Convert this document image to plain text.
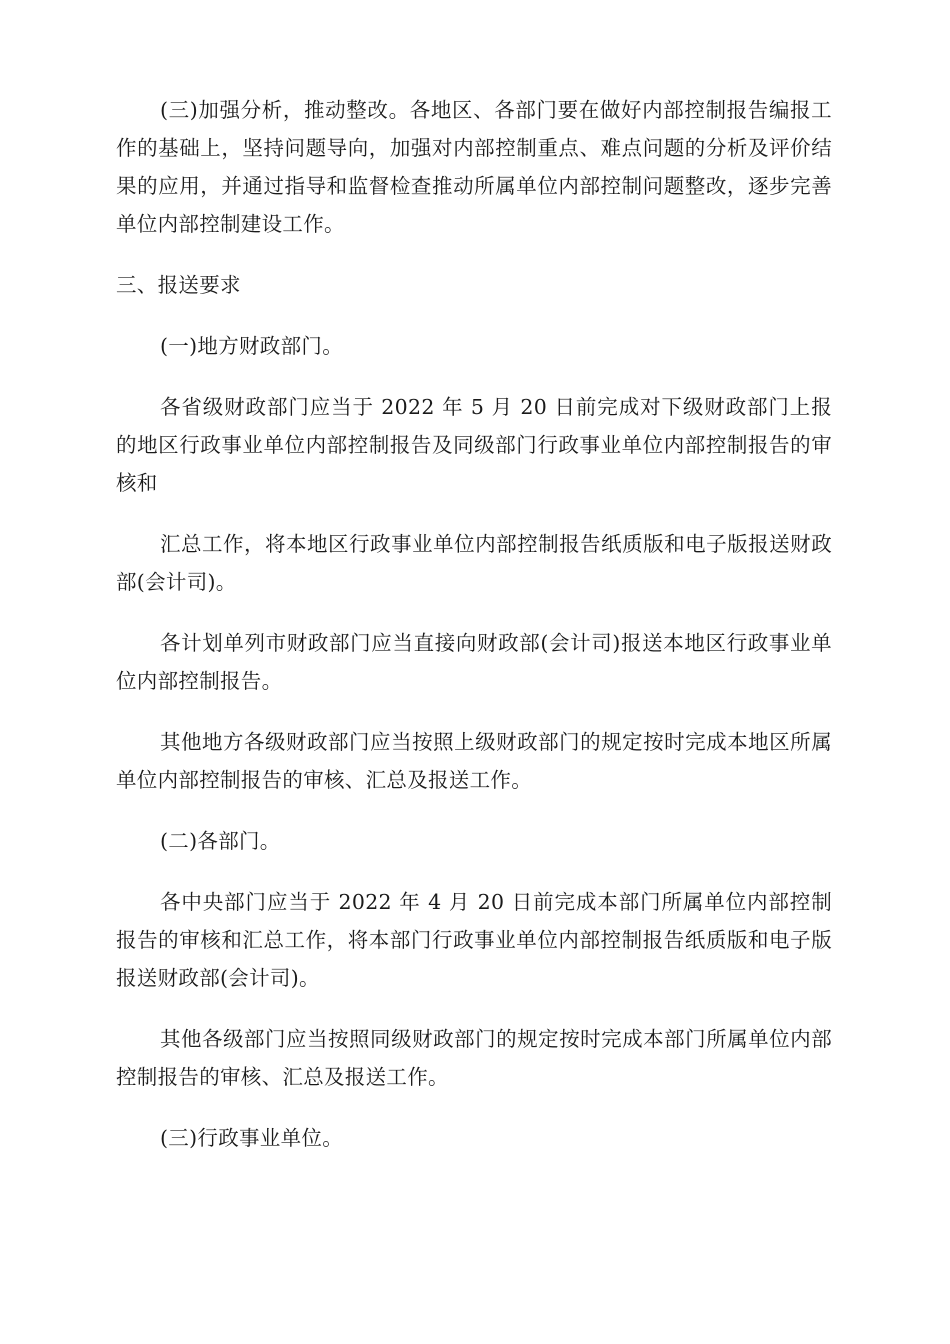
(三)加强分析，推动整改。各地区、各部门要在做好内部控制报告编报工作的基础上，坚持问题导向，加强对内部控制重点、难点问题的分析及评价结果的应用，并通过指导和监督检查推动所属单位内部控制问题整改，逐步完善单位内部控制建设工作。

三、报送要求

(一)地方财政部门。

各省级财政部门应当于 2022 年 5 月 20 日前完成对下级财政部门上报的地区行政事业单位内部控制报告及同级部门行政事业单位内部控制报告的审核和

汇总工作，将本地区行政事业单位内部控制报告纸质版和电子版报送财政部(会计司)。

各计划单列市财政部门应当直接向财政部(会计司)报送本地区行政事业单位内部控制报告。

其他地方各级财政部门应当按照上级财政部门的规定按时完成本地区所属单位内部控制报告的审核、汇总及报送工作。

(二)各部门。

各中央部门应当于 2022 年 4 月 20 日前完成本部门所属单位内部控制报告的审核和汇总工作，将本部门行政事业单位内部控制报告纸质版和电子版报送财政部(会计司)。

其他各级部门应当按照同级财政部门的规定按时完成本部门所属单位内部控制报告的审核、汇总及报送工作。

(三)行政事业单位。
